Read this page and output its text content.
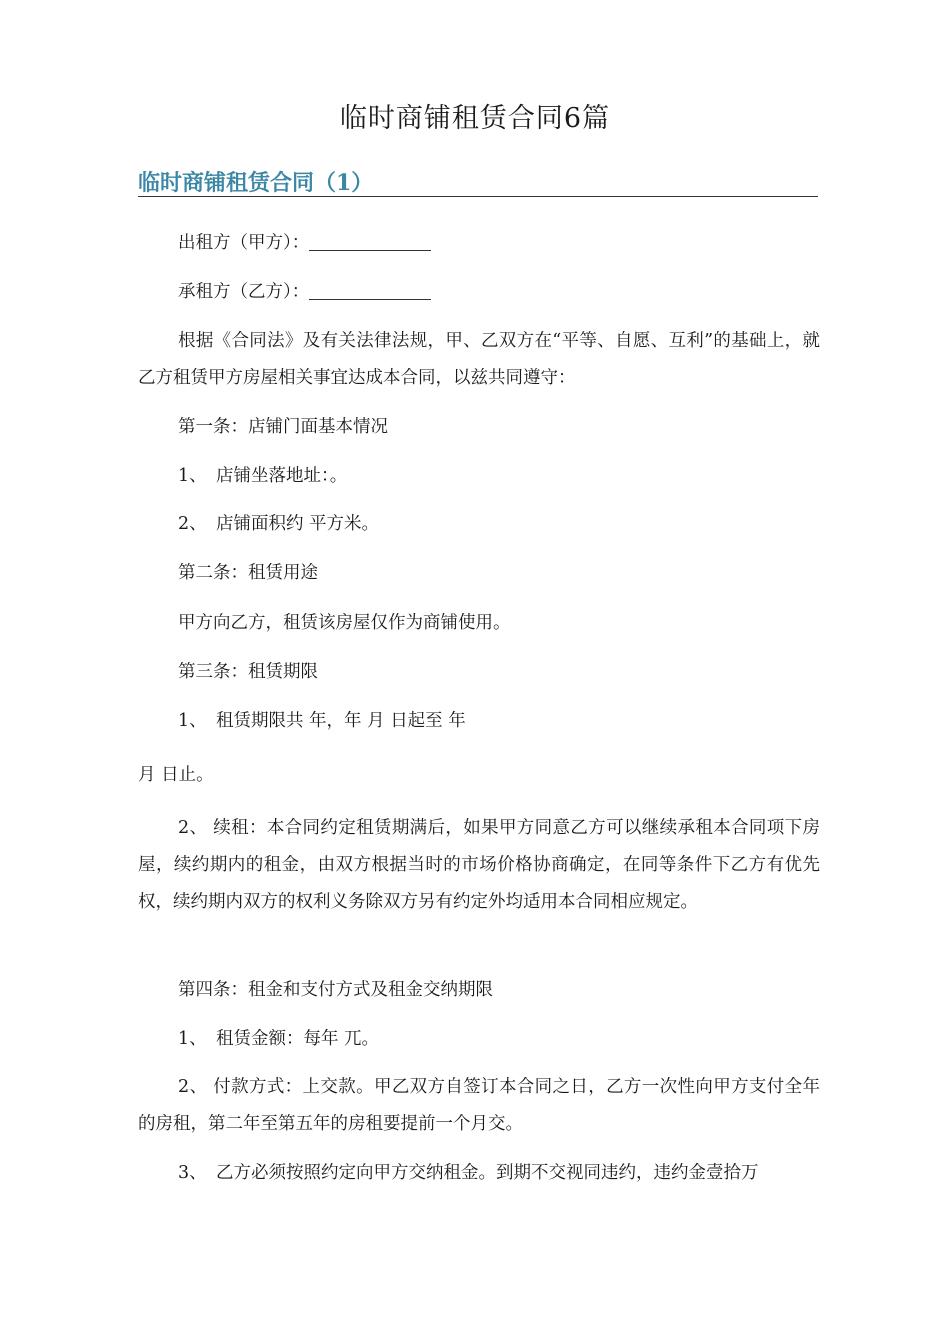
临时商铺租赁合同6篇
临时商铺租赁合同（1）
出租方（甲方）：
承租方（乙方）：
根据《合同法》及有关法律法规，甲、乙双方在“平等、自愿、互利”的基础上，就乙方租赁甲方房屋相关事宜达成本合同，以兹共同遵守：
第一条：店铺门面基本情况
1、 店铺坐落地址：。
2、 店铺面积约 平方米。
第二条：租赁用途
甲方向乙方，租赁该房屋仅作为商铺使用。
第三条：租赁期限
1、 租赁期限共 年，年 月 日起至 年
月 日止。
2、 续租：本合同约定租赁期满后，如果甲方同意乙方可以继续承租本合同项下房屋，续约期内的租金，由双方根据当时的市场价格协商确定，在同等条件下乙方有优先权，续约期内双方的权利义务除双方另有约定外均适用本合同相应规定。
第四条：租金和支付方式及租金交纳期限
1、 租赁金额：每年 兀。
2、 付款方式：上交款。甲乙双方自签订本合同之日，乙方一次性向甲方支付全年的房租，第二年至第五年的房租要提前一个月交。
3、 乙方必须按照约定向甲方交纳租金。到期不交视同违约，违约金壹拾万
